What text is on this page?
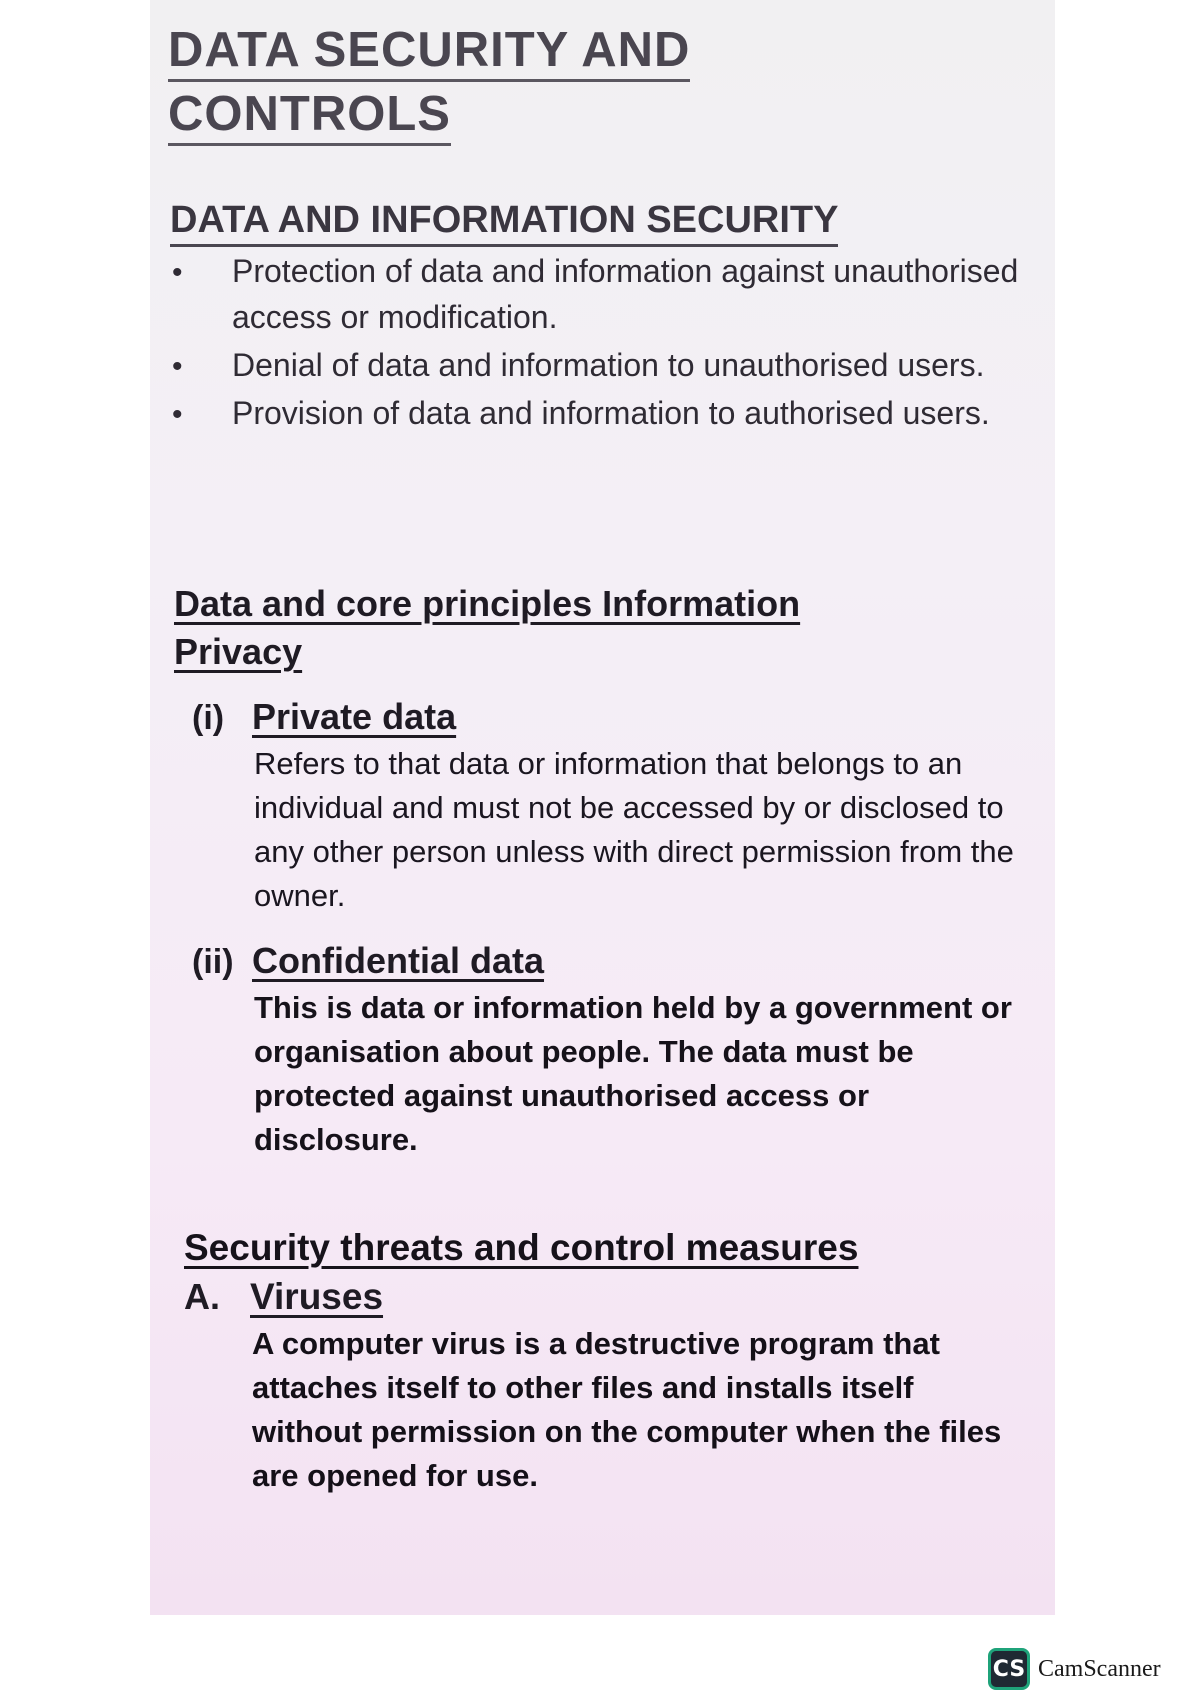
DATA SECURITY AND
CONTROLS
DATA AND INFORMATION SECURITY
• Protection of data and information against unauthorised access or modification.
• Denial of data and information to unauthorised users.
• Provision of data and information to authorised users.
Data and core principles Information Privacy
(i) Private data

Refers to that data or information that belongs to an individual and must not be accessed by or disclosed to any other person unless with direct permission from the owner.

(ii) Confidential data

This is data or information held by a government or organisation about people. The data must be protected against unauthorised access or disclosure.

Security threats and control measures
A. Viruses

A computer virus is a destructive program that attaches itself to other files and installs itself without permission on the computer when the files are opened for use.

CS CamScanner
